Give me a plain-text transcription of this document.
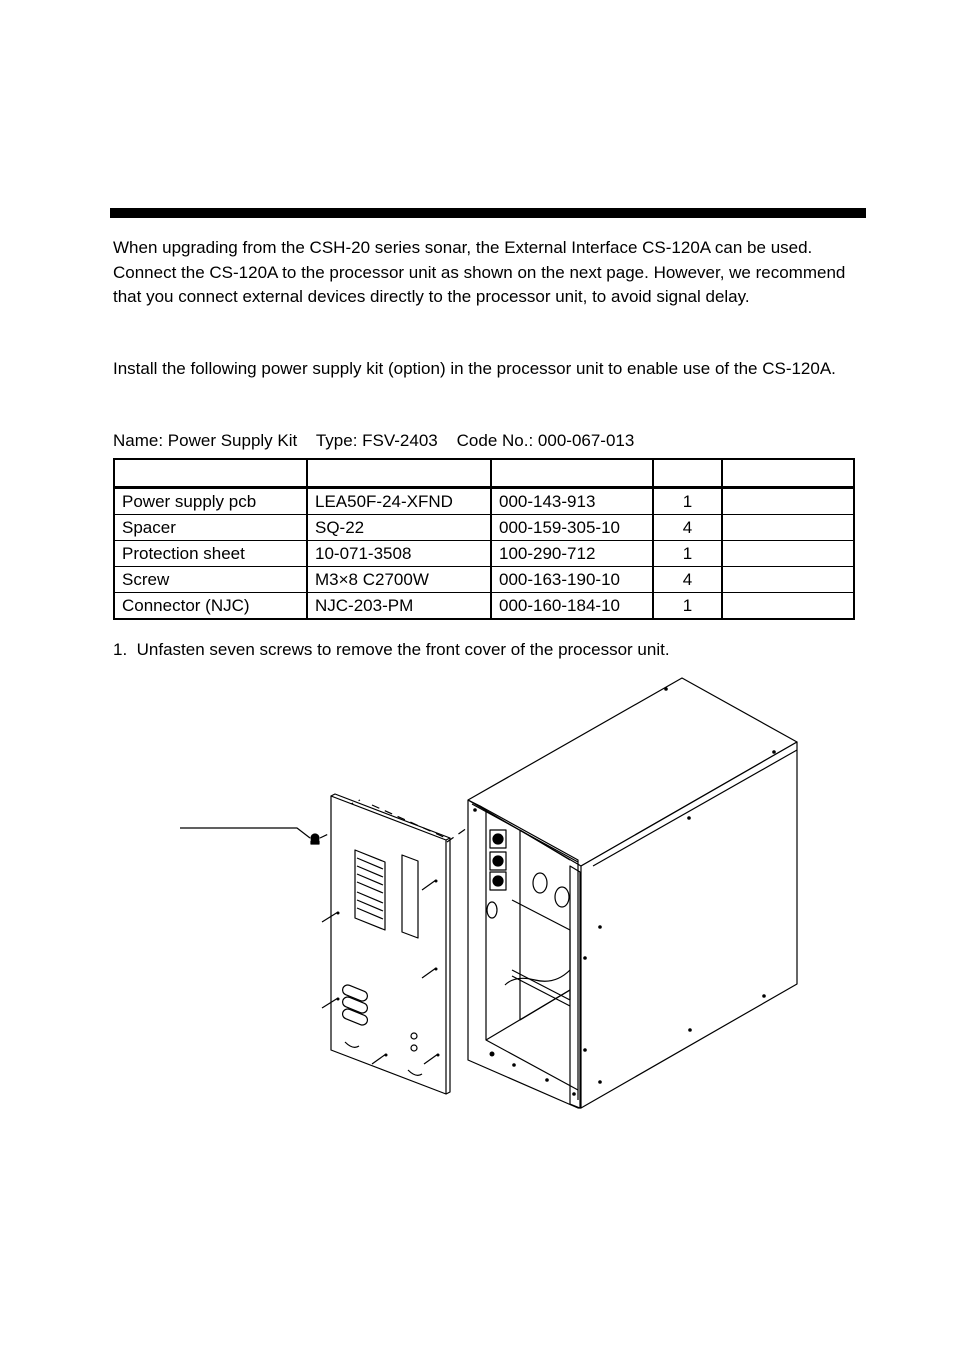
When upgrading from the CSH-20 series sonar, the External Interface CS-120A can be used. Connect the CS-120A to the processor unit as shown on the next page. However, we recommend that you connect external devices directly to the processor unit, to avoid signal delay.

Install the following power supply kit (option) in the processor unit to enable use of the CS-120A.

Name: Power Supply Kit Type: FSV-2403 Code No.: 000-067-013

Power supply pcb	LEA50F-24-XFND	000-143-913	1	
Spacer	SQ-22	000-159-305-10	4	
Protection sheet	10-071-3508	100-290-712	1	
Screw	M3×8 C2700W	000-163-190-10	4	
Connector (NJC)	NJC-203-PM	000-160-184-10	1	
1. Unfasten seven screws to remove the front cover of the processor unit.
